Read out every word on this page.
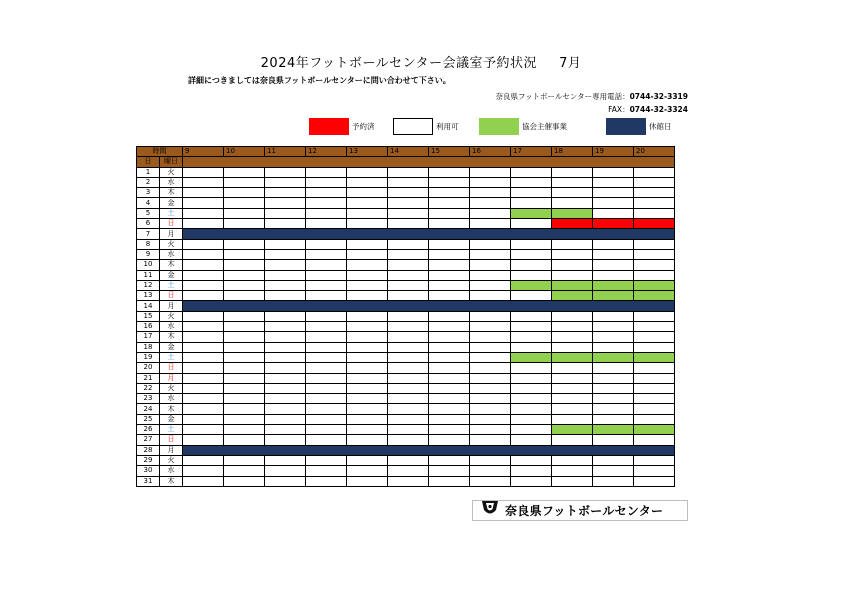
2024年フットボールセンター会議室予約状況 7月
詳細につきましては奈良県フットボールセンターに問い合わせて下さい。
奈良県フットボールセンター専用電話：0744-32-3319
FAX：0744-32-3324
予約済	利用可	協会主催事業	休館日
時間		9	10	11	12	13	14	15	16	17	18	19	20
日	曜日												
1	火												
2	水												
3	木												
4	金												
5	土												
6	日												
7	月												
8	火												
9	水												
10	木												
11	金												
12	土												
13	日												
14	月												
15	火												
16	水												
17	木												
18	金												
19	土												
20	日												
21	月												
22	火												
23	水												
24	木												
25	金												
26	土												
27	日												
28	月												
29	火												
30	水												
31	木												
奈良県フットボールセンター
